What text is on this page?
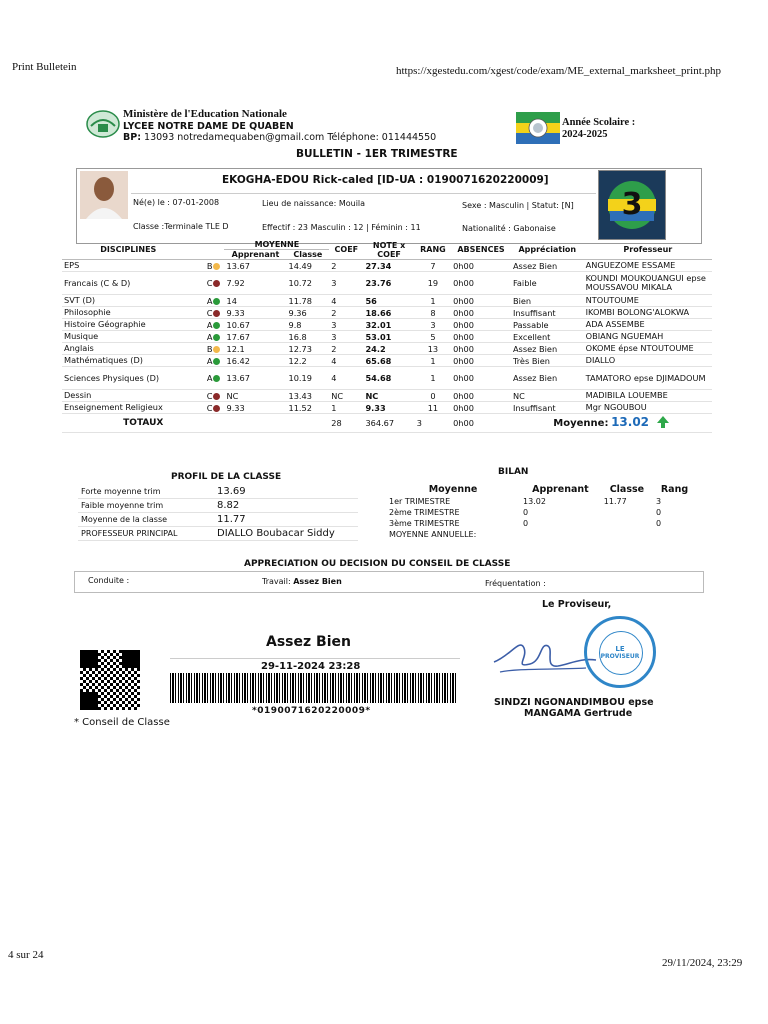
Print Bulletein	https://xgestedu.com/xgest/code/exam/ME_external_marksheet_print.php
4 sur 24
29/11/2024, 23:29
Ministère de l'Education Nationale
LYCEE NOTRE DAME DE QUABEN
BP: 13093 notredamequaben@gmail.com Téléphone: 011444550
BULLETIN - 1ER TRIMESTRE
Année Scolaire :
2024-2025
EKOGHA-EDOU Rick-caled [ID-UA : 0190071620220009]
Né(e) le : 07-01-2008	Lieu de naissance: Mouila	Sexe : Masculin | Statut: [N]
Classe :Terminale TLE D	Effectif : 23 Masculin : 12 | Féminin : 11	Nationalité : Gabonaise
3
DISCIPLINES		MOYENNE		COEF	NOTE x COEF	RANG	ABSENCES	Appréciation	Professeur
		Apprenant	Classe						
EPS	B	13.67	14.49	2	27.34	7	0h00	Assez Bien	ANGUEZOME ESSAME
Francais (C & D)	C	7.92	10.72	3	23.76	19	0h00	Faible	KOUNDI MOUKOUANGUI epse MOUSSAVOU MIKALA
SVT (D)	A	14	11.78	4	56	1	0h00	Bien	NTOUTOUME
Philosophie	C	9.33	9.36	2	18.66	8	0h00	Insuffisant	IKOMBI BOLONG'ALOKWA
Histoire Géographie	A	10.67	9.8	3	32.01	3	0h00	Passable	ADA ASSEMBE
Musique	A	17.67	16.8	3	53.01	5	0h00	Excellent	OBIANG NGUEMAH
Anglais	B	12.1	12.73	2	24.2	13	0h00	Assez Bien	OKOME épse NTOUTOUME
Mathématiques (D)	A	16.42	12.2	4	65.68	1	0h00	Très Bien	DIALLO
Sciences Physiques (D)	A	13.67	10.19	4	54.68	1	0h00	Assez Bien	TAMATORO epse DJIMADOUM
Dessin	C	NC	13.43	NC	NC	0	0h00	NC	MADIBILA LOUEMBE
Enseignement Religieux	C	9.33	11.52	1	9.33	11	0h00	Insuffisant	Mgr NGOUBOU
TOTAUX				28	364.67	3	0h00	Moyenne: 13.02	
PROFIL DE LA CLASSE
Forte moyenne trim	13.69
Faible moyenne trim	8.82
Moyenne de la classe	11.77
PROFESSEUR PRINCIPAL	DIALLO Boubacar Siddy
BILAN
Moyenne	Apprenant	Classe	Rang
1er TRIMESTRE	13.02	11.77	3
2ème TRIMESTRE	0		0
3ème TRIMESTRE	0		0
MOYENNE ANNUELLE:			
APPRECIATION OU DECISION DU CONSEIL DE CLASSE
Conduite :	Travail: Assez Bien	Fréquentation :
Le Proviseur,
Assez Bien
29-11-2024 23:28
*0190071620220009*
* Conseil de Classe
LE
PROVISEUR
SINDZI NGONANDIMBOU epse
MANGAMA Gertrude
